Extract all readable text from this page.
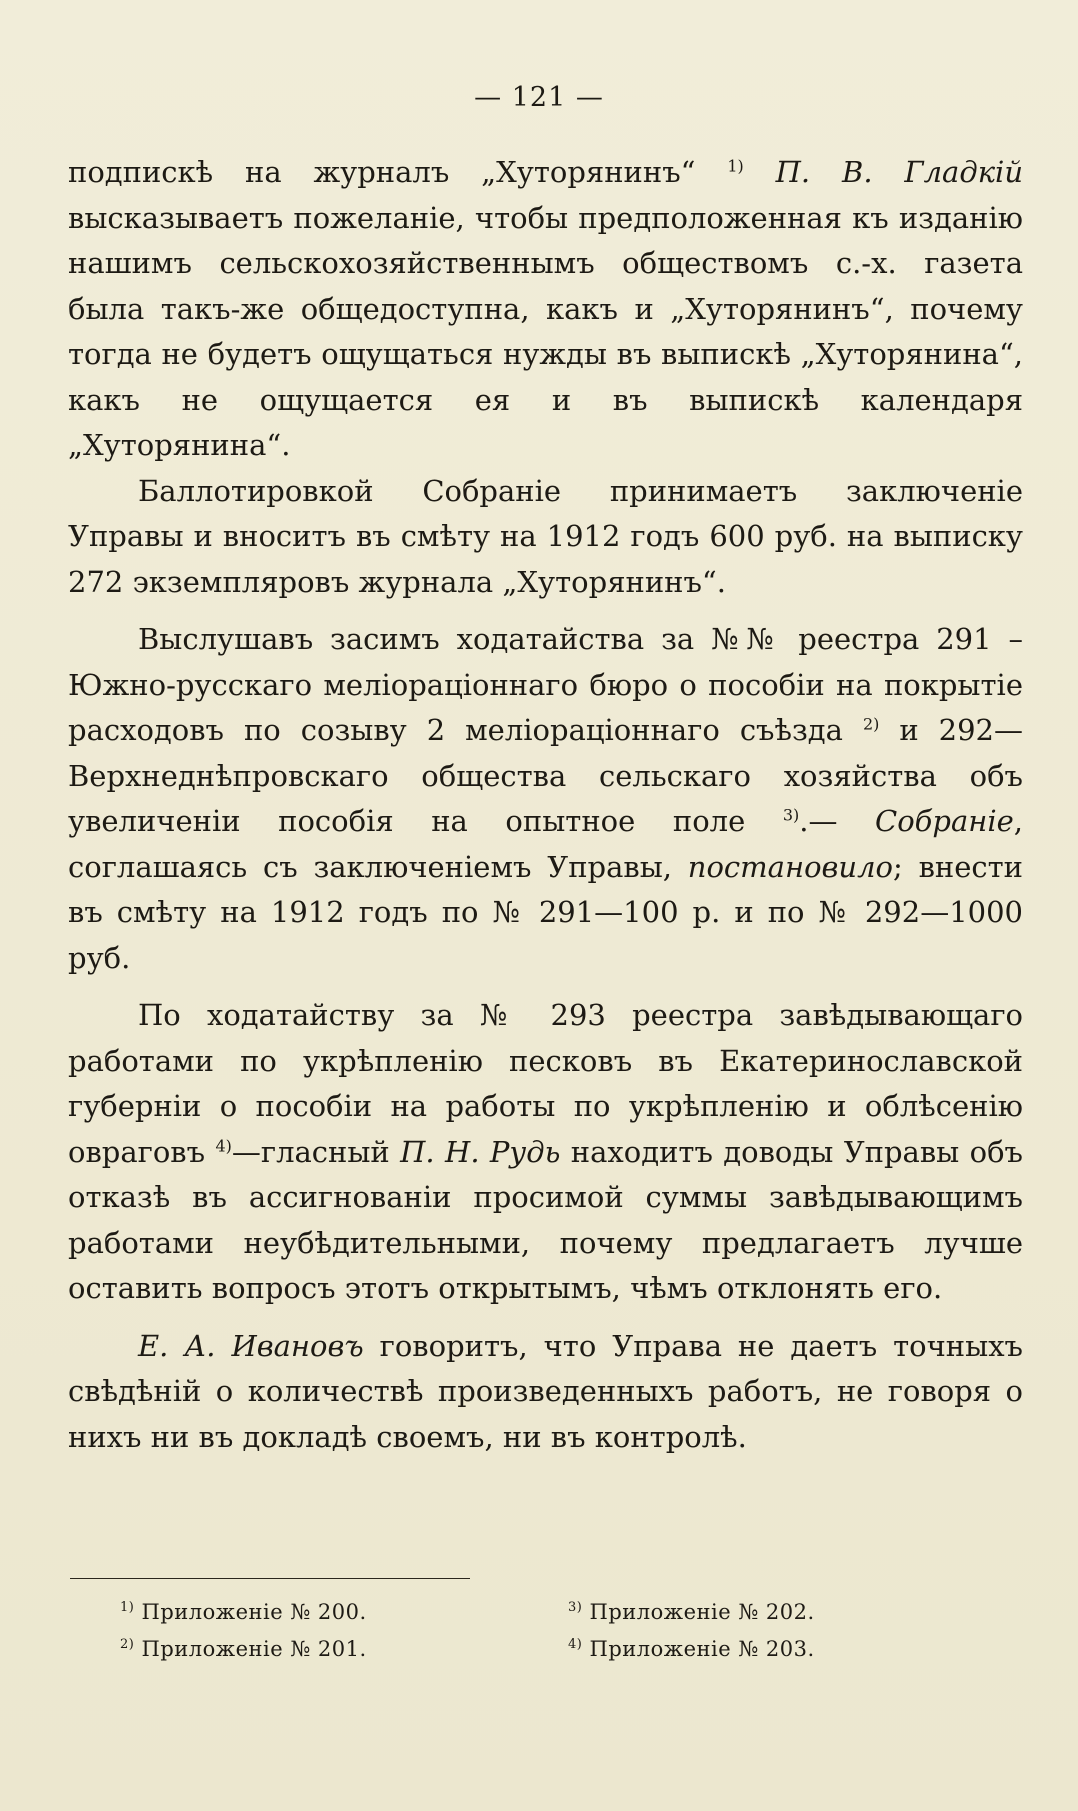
— 121 —

подпискѣ на журналъ „Хуторянинъ“ $^{1)}$ П. В. Гладкій высказываетъ пожеланіе, чтобы предположенная къ изданію нашимъ сельскохозяйственнымъ обществомъ с.-х. газета была такъ-же общедоступна, какъ и „Хуторянинъ“, почему тогда не будетъ ощущаться нужды въ выпискѣ „Хуторянина“, какъ не ощущается ея и въ выпискѣ календаря „Хуторянина“.

Баллотировкой Собраніе принимаетъ заключеніе Управы и вноситъ въ смѣту на 1912 годъ 600 руб. на выписку 272 экземпляровъ журнала „Хуторянинъ“.

Выслушавъ засимъ ходатайства за №№ реестра 291 – Южно-русскаго меліораціоннаго бюро о пособіи на покрытіе расходовъ по созыву 2 меліораціоннаго съѣзда $^{2)}$ и 292—Верхнеднѣпровскаго общества сельскаго хозяйства объ увеличеніи пособія на опытное поле $^{3)}$.— Собраніе, соглашаясь съ заключеніемъ Управы, постановило; внести въ смѣту на 1912 годъ по № 291—100 р. и по № 292—1000 руб.

По ходатайству за № 293 реестра завѣдывающаго работами по укрѣпленію песковъ въ Екатеринославской губерніи о пособіи на работы по укрѣпленію и облѣсенію овраговъ $^{4)}$—гласный П. Н. Рудь находитъ доводы Управы объ отказѣ въ ассигнованіи просимой суммы завѣдывающимъ работами неубѣдительными, почему предлагаетъ лучше оставить вопросъ этотъ открытымъ, чѣмъ отклонять его.

Е. А. Ивановъ говоритъ, что Управа не даетъ точныхъ свѣдѣній о количествѣ произведенныхъ работъ, не говоря о нихъ ни въ докладѣ своемъ, ни въ контролѣ.

$^{1)}$ Приложеніе № 200.
$^{2)}$ Приложеніе № 201.
$^{3)}$ Приложеніе № 202.
$^{4)}$ Приложеніе № 203.
